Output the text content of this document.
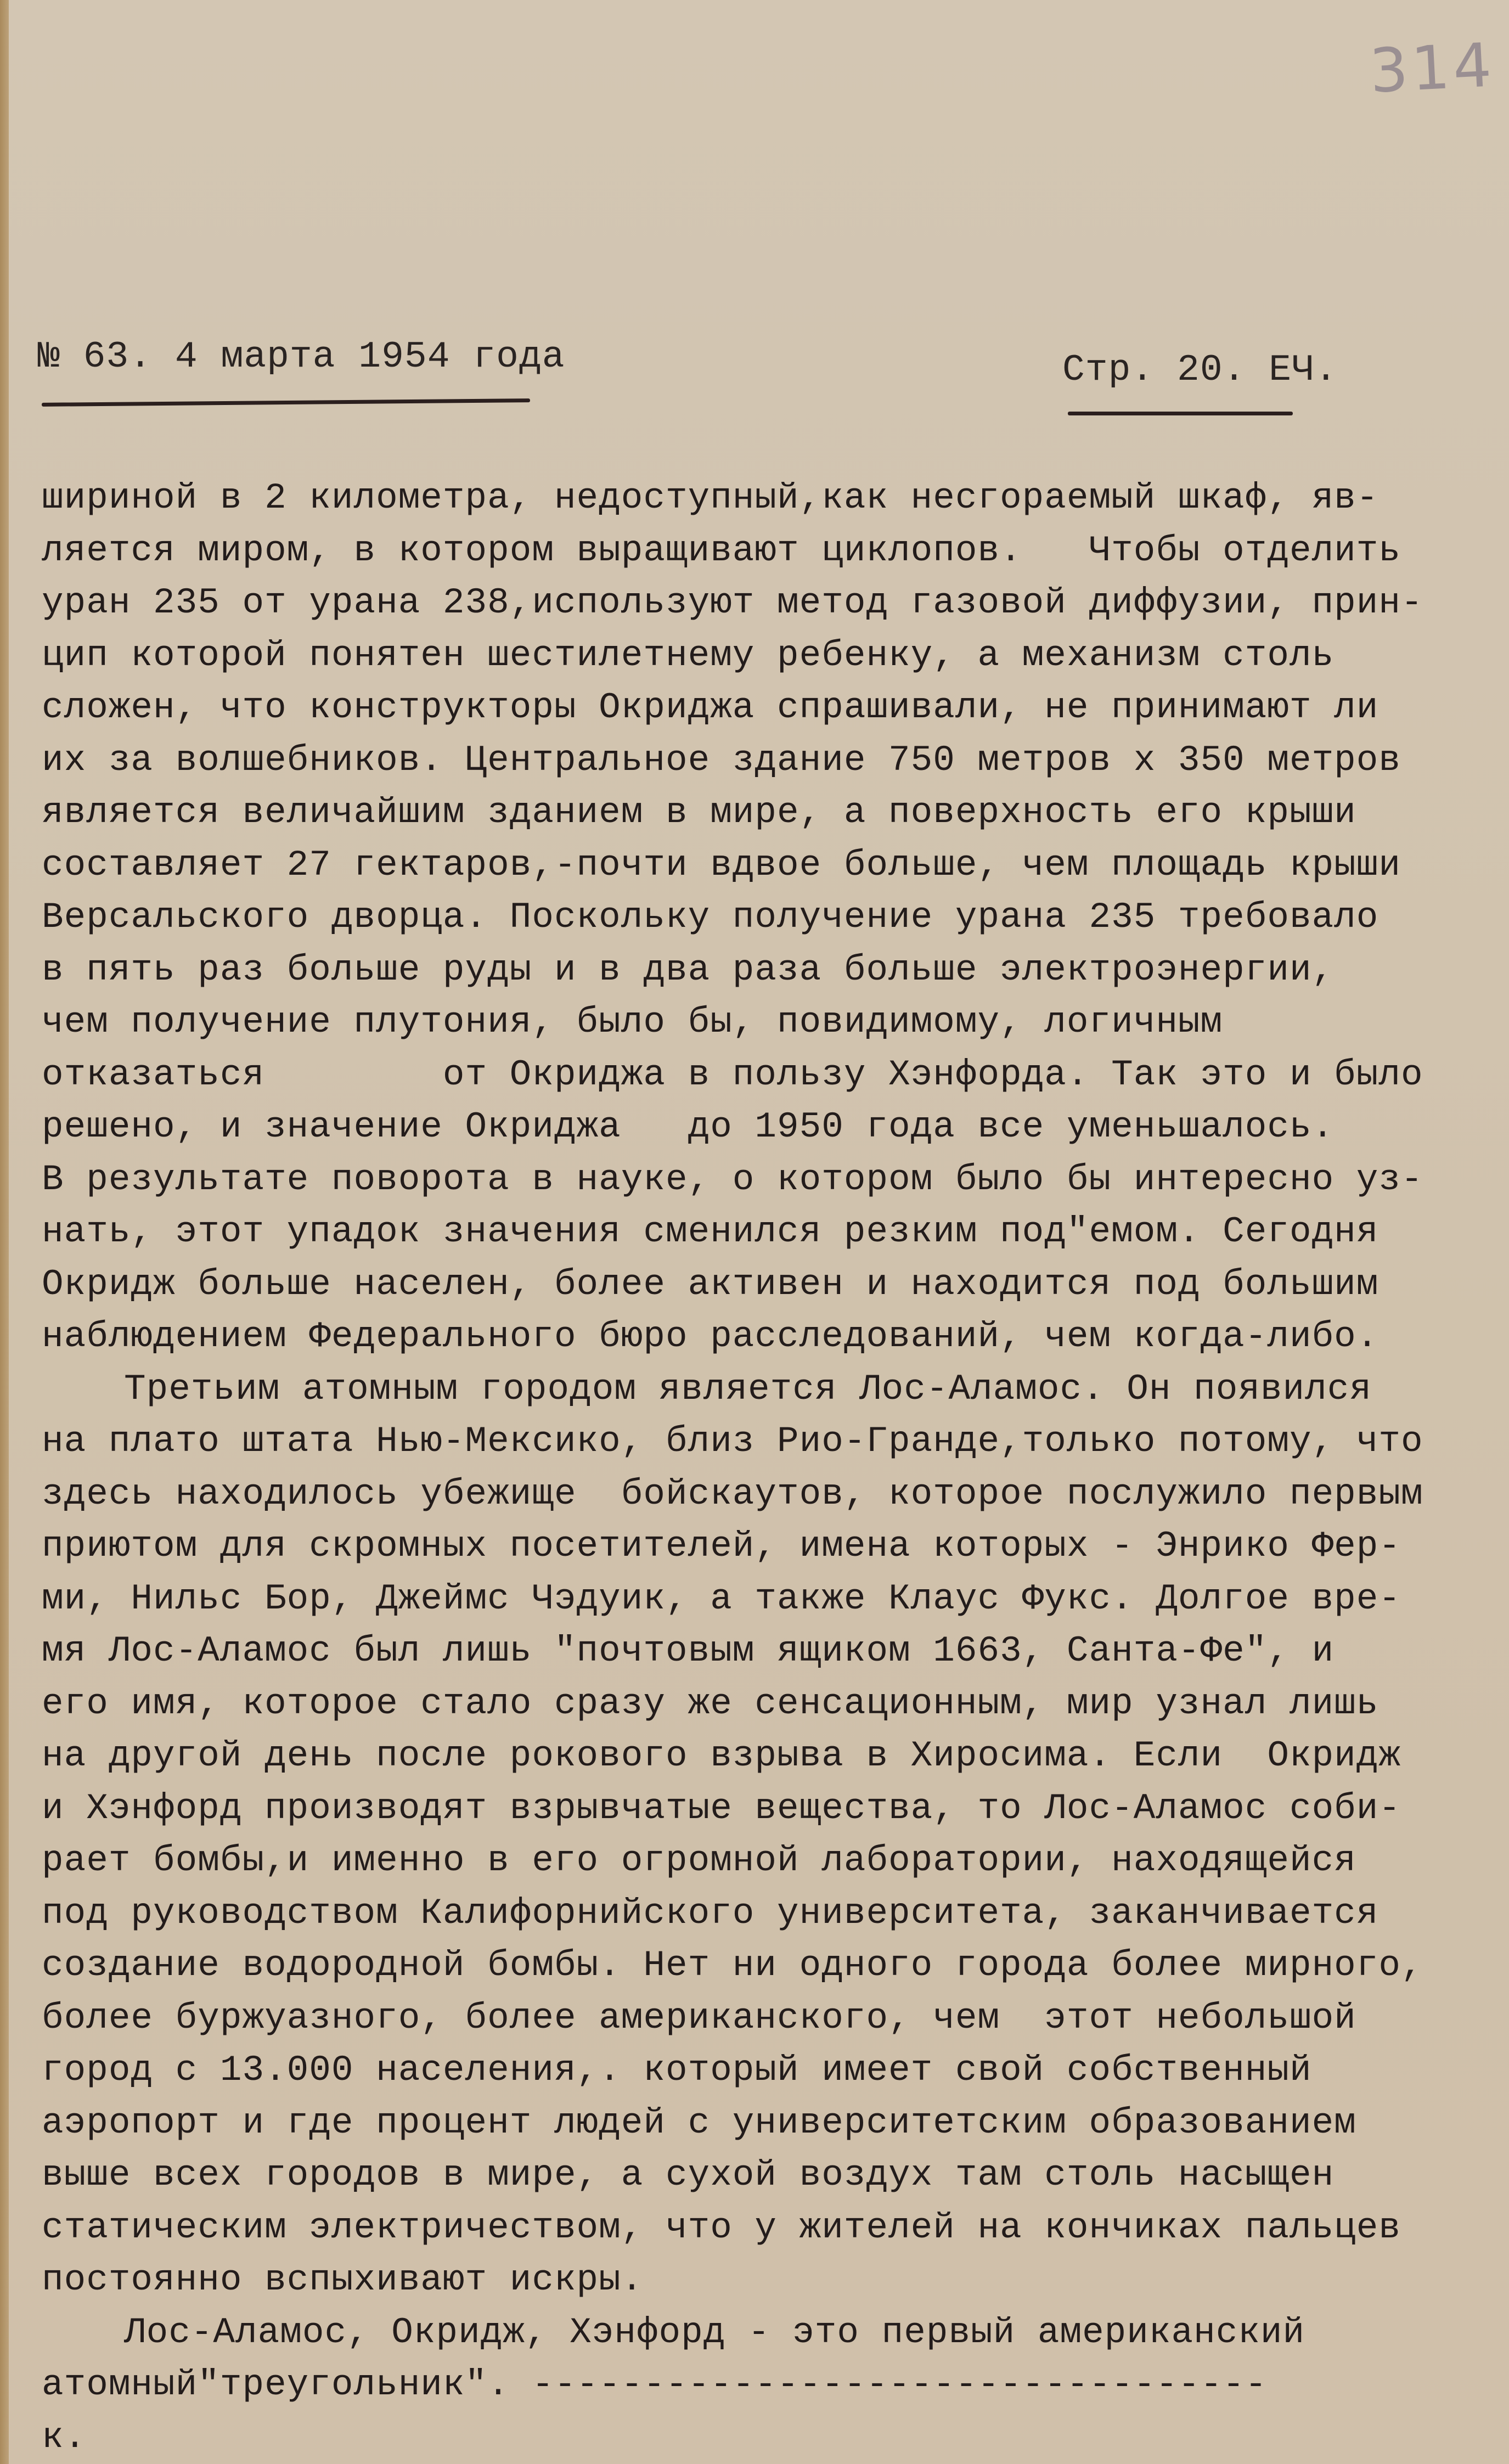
314
№ 63. 4 марта 1954 года	Стр. 20. ЕЧ.
шириной в 2 километра, недоступный,как несгораемый шкаф, яв-
ляется миром, в котором выращивают циклопов.   Чтобы отделить
уран 235 от урана 238,используют метод газовой диффузии, прин-
цип которой понятен шестилетнему ребенку, а механизм столь
сложен, что конструкторы Окриджа спрашивали, не принимают ли
их за волшебников. Центральное здание 750 метров х 350 метров
является величайшим зданием в мире, а поверхность его крыши
составляет 27 гектаров,-почти вдвое больше, чем площадь крыши
Версальского дворца. Поскольку получение урана 235 требовало
в пять раз больше руды и в два раза больше электроэнергии,
чем получение плутония, было бы, повидимому, логичным
отказаться        от Окриджа в пользу Хэнфорда. Так это и было
решено, и значение Окриджа   до 1950 года все уменьшалось.
В результате поворота в науке, о котором было бы интересно уз-
нать, этот упадок значения сменился резким под"емом. Сегодня
Окридж больше населен, более активен и находится под большим
наблюдением Федерального бюро расследований, чем когда-либо.
Третьим атомным городом является Лос-Аламос. Он появился
на плато штата Нью-Мексико, близ Рио-Гранде,только потому, что
здесь находилось убежище  бойскаутов, которое послужило первым
приютом для скромных посетителей, имена которых - Энрико Фер-
ми, Нильс Бор, Джеймс Чэдуик, а также Клаус Фукс. Долгое вре-
мя Лос-Аламос был лишь "почтовым ящиком 1663, Санта-Фе", и
его имя, которое стало сразу же сенсационным, мир узнал лишь
на другой день после рокового взрыва в Хиросима. Если  Окридж
и Хэнфорд производят взрывчатые вещества, то Лос-Аламос соби-
рает бомбы,и именно в его огромной лаборатории, находящейся
под руководством Калифорнийского университета, заканчивается
создание водородной бомбы. Нет ни одного города более мирного,
более буржуазного, более американского, чем  этот небольшой
город с 13.000 населения,. который имеет свой собственный
аэропорт и где процент людей с университетским образованием
выше всех городов в мире, а сухой воздух там столь насыщен
статическим электричеством, что у жителей на кончиках пальцев
постоянно вспыхивают искры.
Лос-Аламос, Окридж, Хэнфорд - это первый американский
атомный"треугольник". ---------------------------------
к.
